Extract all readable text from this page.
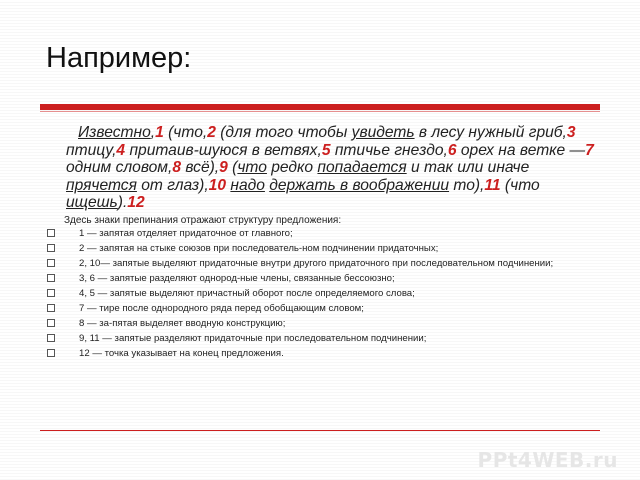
Например:
Известно,1 (что,2 (для того чтобы увидеть в лесу нужный гриб,3 птицу,4 притаив-шуюся в ветвях,5 птичье гнездо,6 орех на ветке —7 одним словом,8 всё),9 (что редко попадается и так или иначе прячется от глаз),10 надо держать в воображении то),11 (что ищешь).12
Здесь знаки препинания отражают структуру предложения:
1 — запятая отделяет придаточное от главного;
2 — запятая на стыке союзов при последователь-ном подчинении придаточных;
2, 10— запятые выделяют придаточные внутри другого придаточного при последовательном подчинении;
3, 6 — запятые разделяют однород-ные члены, связанные бессоюзно;
4, 5 — запятые выделяют причастный оборот после определяемого слова;
7 — тире после однородного ряда перед обобщающим словом;
8 — за-пятая выделяет вводную конструкцию;
9, 11 — запятые разделяют придаточные при последовательном подчинении;
12 — точка указывает на конец предложения.
PPt4WEB.ru
